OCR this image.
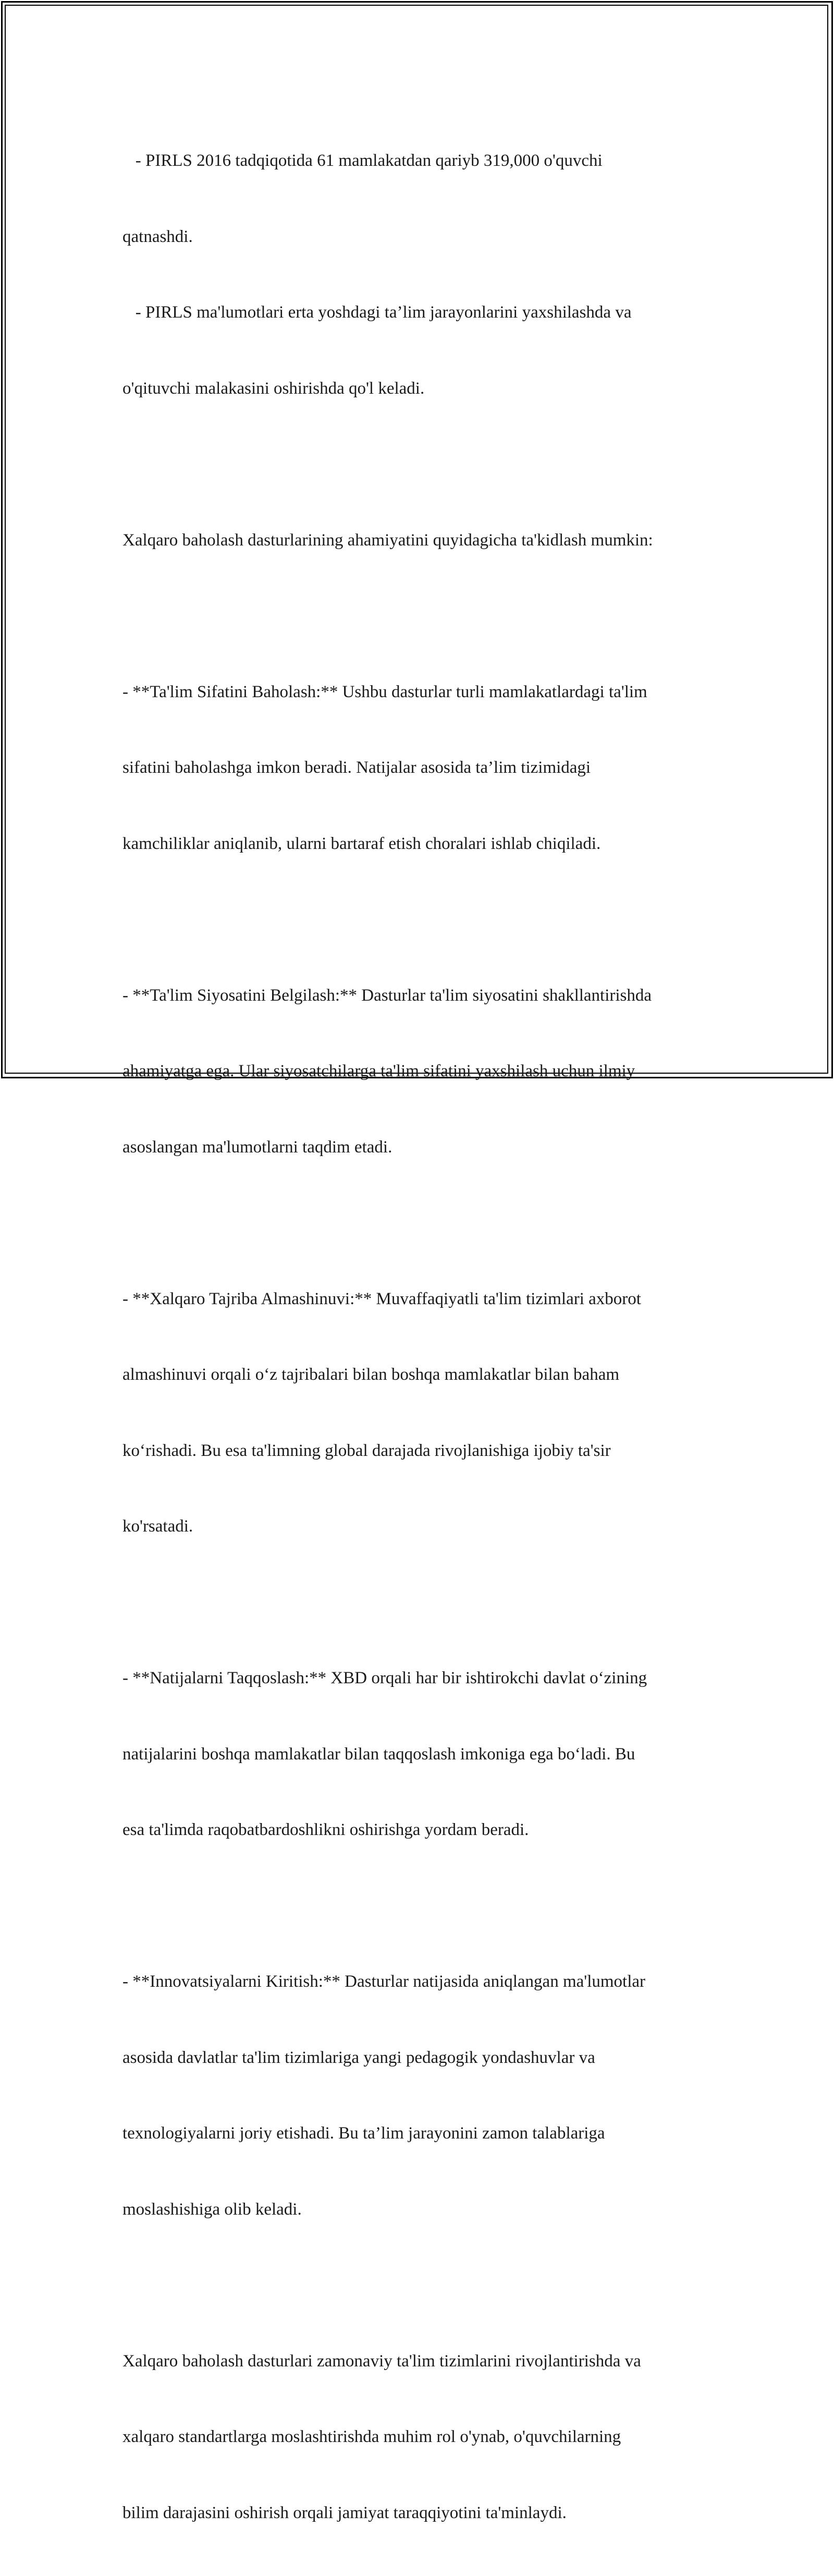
- PIRLS 2016 tadqiqotida 61 mamlakatdan qariyb 319,000 o'quvchi

qatnashdi.

- PIRLS ma'lumotlari erta yoshdagi ta’lim jarayonlarini yaxshilashda va

o'qituvchi malakasini oshirishda qo'l keladi.

Xalqaro baholash dasturlarining ahamiyatini quyidagicha ta'kidlash mumkin:

- **Ta'lim Sifatini Baholash:** Ushbu dasturlar turli mamlakatlardagi ta'lim

sifatini baholashga imkon beradi. Natijalar asosida ta’lim tizimidagi

kamchiliklar aniqlanib, ularni bartaraf etish choralari ishlab chiqiladi.

- **Ta'lim Siyosatini Belgilash:** Dasturlar ta'lim siyosatini shakllantirishda

ahamiyatga ega. Ular siyosatchilarga ta'lim sifatini yaxshilash uchun ilmiy

asoslangan ma'lumotlarni taqdim etadi.

- **Xalqaro Tajriba Almashinuvi:** Muvaffaqiyatli ta'lim tizimlari axborot

almashinuvi orqali o‘z tajribalari bilan boshqa mamlakatlar bilan baham

ko‘rishadi. Bu esa ta'limning global darajada rivojlanishiga ijobiy ta'sir

ko'rsatadi.

- **Natijalarni Taqqoslash:** XBD orqali har bir ishtirokchi davlat o‘zining

natijalarini boshqa mamlakatlar bilan taqqoslash imkoniga ega bo‘ladi. Bu

esa ta'limda raqobatbardoshlikni oshirishga yordam beradi.

- **Innovatsiyalarni Kiritish:** Dasturlar natijasida aniqlangan ma'lumotlar

asosida davlatlar ta'lim tizimlariga yangi pedagogik yondashuvlar va

texnologiyalarni joriy etishadi. Bu ta’lim jarayonini zamon talablariga

moslashishiga olib keladi.

Xalqaro baholash dasturlari zamonaviy ta'lim tizimlarini rivojlantirishda va

xalqaro standartlarga moslashtirishda muhim rol o'ynab, o'quvchilarning

bilim darajasini oshirish orqali jamiyat taraqqiyotini ta'minlaydi.
